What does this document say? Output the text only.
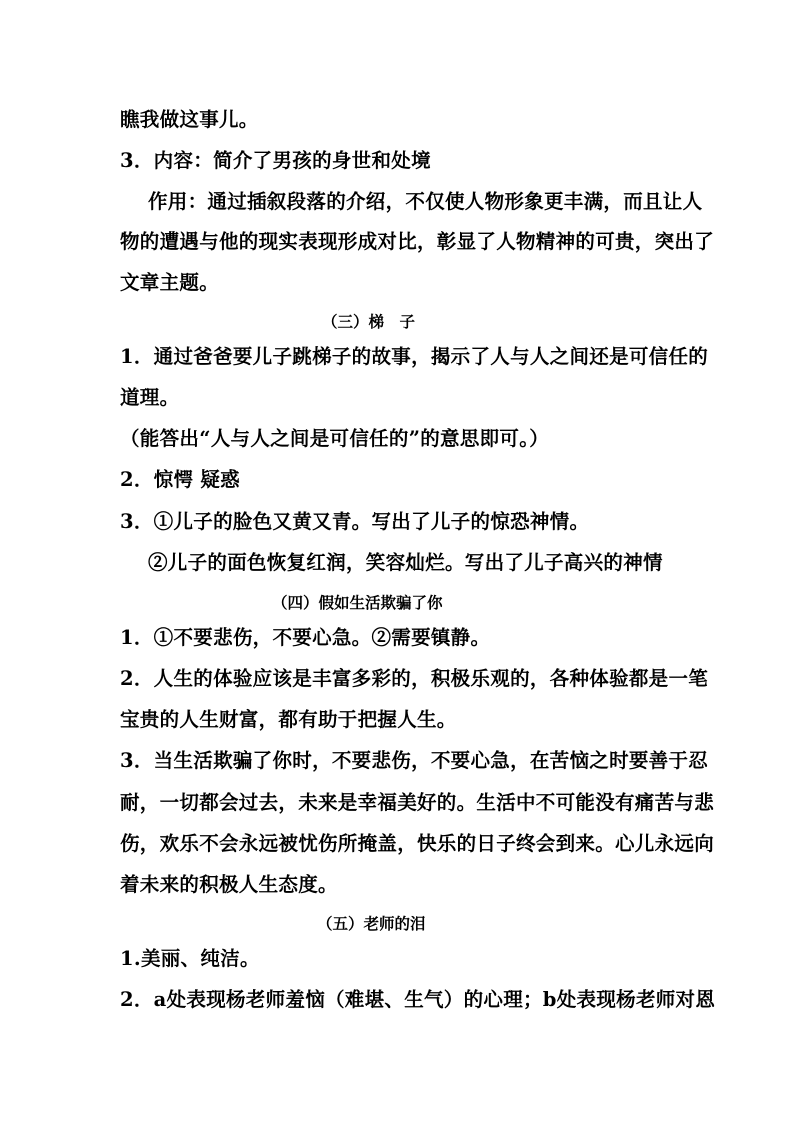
瞧我做这事儿。
3．内容：简介了男孩的身世和处境
作用：通过插叙段落的介绍，不仅使人物形象更丰满，而且让人
物的遭遇与他的现实表现形成对比，彰显了人物精神的可贵，突出了
文章主题。
（三）梯　子
1．通过爸爸要儿子跳梯子的故事，揭示了人与人之间还是可信任的
道理。
（能答出“人与人之间是可信任的”的意思即可。）
2．惊愕 疑惑
3．①儿子的脸色又黄又青。写出了儿子的惊恐神情。
②儿子的面色恢复红润，笑容灿烂。写出了儿子高兴的神情
（四）假如生活欺骗了你
1．①不要悲伤，不要心急。②需要镇静。
2．人生的体验应该是丰富多彩的，积极乐观的，各种体验都是一笔
宝贵的人生财富，都有助于把握人生。
3．当生活欺骗了你时，不要悲伤，不要心急，在苦恼之时要善于忍
耐，一切都会过去，未来是幸福美好的。生活中不可能没有痛苦与悲
伤，欢乐不会永远被忧伤所掩盖，快乐的日子终会到来。心儿永远向
着未来的积极人生态度。
（五）老师的泪
1.美丽、纯洁。
2．a处表现杨老师羞恼（难堪、生气）的心理；b处表现杨老师对恩
